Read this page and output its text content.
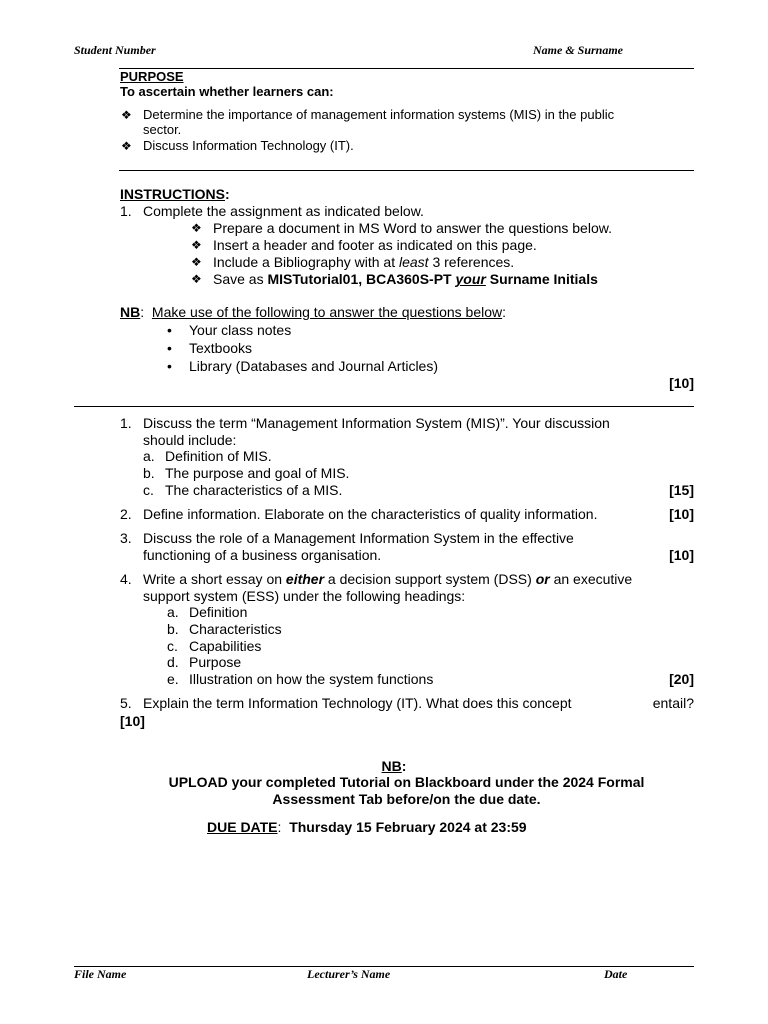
Student Number	Name & Surname
PURPOSE
To ascertain whether learners can:
❖ Determine the importance of management information systems (MIS) in the public
sector.
❖ Discuss Information Technology (IT).
INSTRUCTIONS:
1. Complete the assignment as indicated below.
❖ Prepare a document in MS Word to answer the questions below.
❖ Insert a header and footer as indicated on this page.
❖ Include a Bibliography with at least 3 references.
❖ Save as MISTutorial01, BCA360S-PT your Surname Initials
NB: Make use of the following to answer the questions below:
• Your class notes
• Textbooks
• Library (Databases and Journal Articles)
[10]
1. Discuss the term “Management Information System (MIS)”. Your discussion
should include:
a. Definition of MIS.
b. The purpose and goal of MIS.
c. The characteristics of a MIS.	[15]
2. Define information. Elaborate on the characteristics of quality information.	[10]
3. Discuss the role of a Management Information System in the effective
functioning of a business organisation.	[10]
4. Write a short essay on either a decision support system (DSS) or an executive
support system (ESS) under the following headings:
a. Definition
b. Characteristics
c. Capabilities
d. Purpose
e. Illustration on how the system functions	[20]
5. Explain the term Information Technology (IT). What does this concept	entail?
[10]
NB:
UPLOAD your completed Tutorial on Blackboard under the 2024 Formal
Assessment Tab before/on the due date.
DUE DATE: Thursday 15 February 2024 at 23:59
File Name	Lecturer’s Name	Date
